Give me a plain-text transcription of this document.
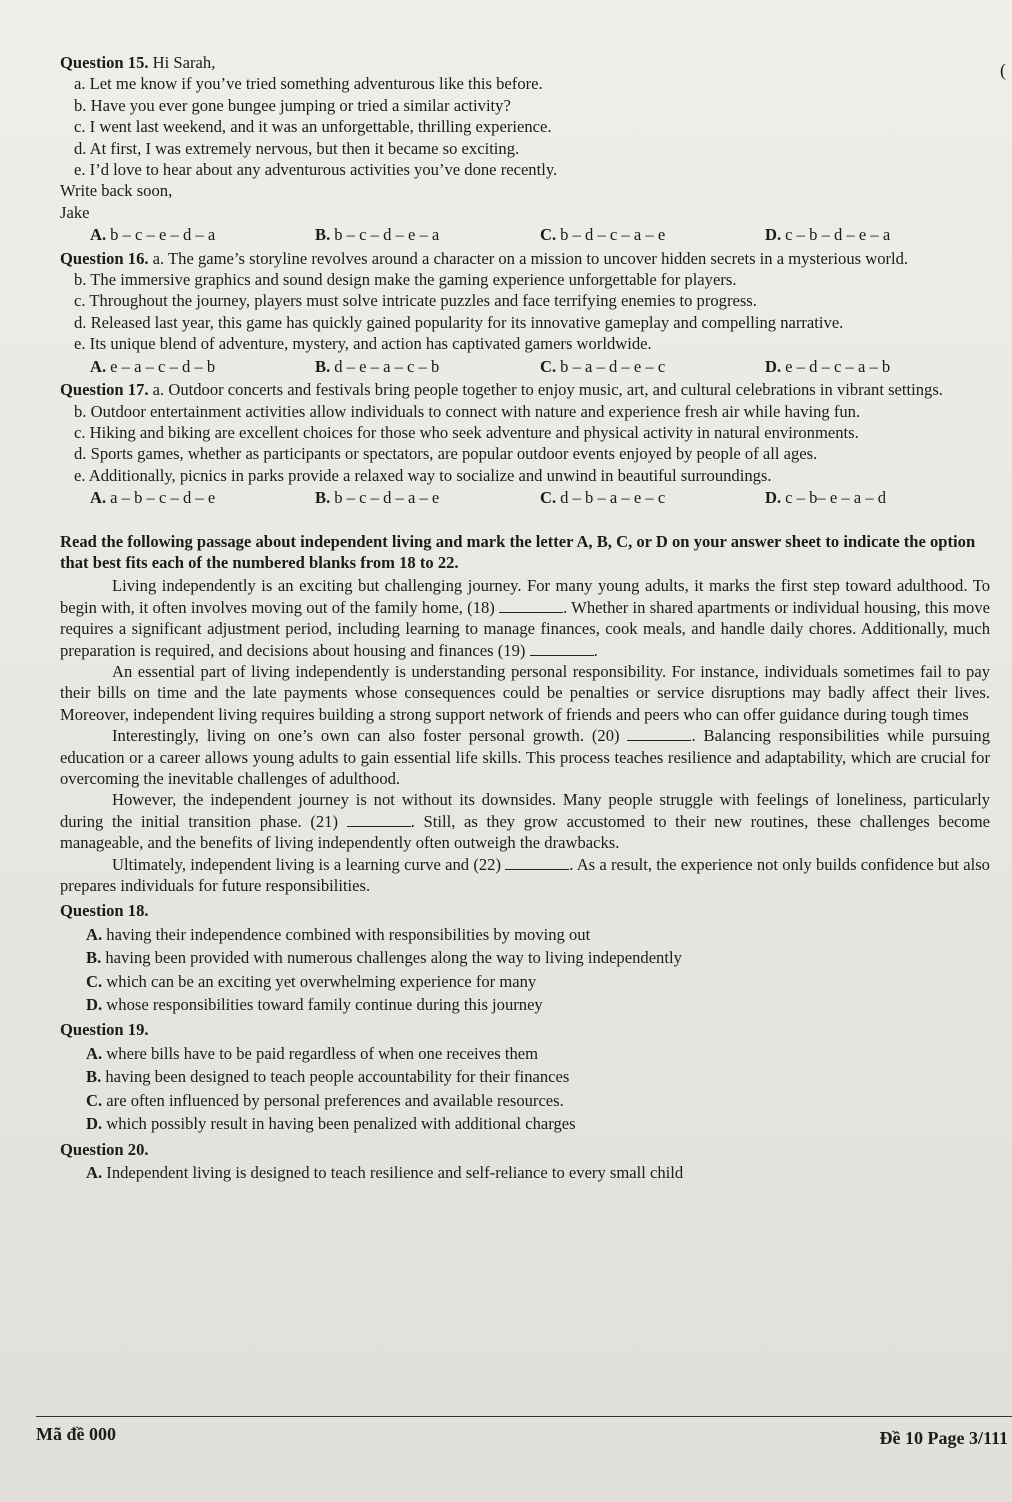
(

Question 15. Hi Sarah,

a. Let me know if you’ve tried something adventurous like this before.

b. Have you ever gone bungee jumping or tried a similar activity?

c. I went last weekend, and it was an unforgettable, thrilling experience.

d. At first, I was extremely nervous, but then it became so exciting.

e. I’d love to hear about any adventurous activities you’ve done recently.

Write back soon,

Jake

A. b – c – e – d – a	B. b – c – d – e – a	C. b – d – c – a – e	D. c – b – d – e – a

Question 16. a. The game’s storyline revolves around a character on a mission to uncover hidden secrets in a mysterious world.

b. The immersive graphics and sound design make the gaming experience unforgettable for players.

c. Throughout the journey, players must solve intricate puzzles and face terrifying enemies to progress.

d. Released last year, this game has quickly gained popularity for its innovative gameplay and compelling narrative.

e. Its unique blend of adventure, mystery, and action has captivated gamers worldwide.

A. e – a – c – d – b	B. d – e – a – c – b	C. b – a – d – e – c	D. e – d – c – a – b

Question 17. a. Outdoor concerts and festivals bring people together to enjoy music, art, and cultural celebrations in vibrant settings.

b. Outdoor entertainment activities allow individuals to connect with nature and experience fresh air while having fun.

c. Hiking and biking are excellent choices for those who seek adventure and physical activity in natural environments.

d. Sports games, whether as participants or spectators, are popular outdoor events enjoyed by people of all ages.

e. Additionally, picnics in parks provide a relaxed way to socialize and unwind in beautiful surroundings.

A. a – b – c – d – e	B. b – c – d – a – e	C. d – b – a – e – c	D. c – b– e – a – d

Read the following passage about independent living and mark the letter A, B, C, or D on your answer sheet to indicate the option that best fits each of the numbered blanks from 18 to 22.

Living independently is an exciting but challenging journey. For many young adults, it marks the first step toward adulthood. To begin with, it often involves moving out of the family home, (18)	. Whether in shared apartments or individual housing, this move requires a significant adjustment period, including learning to manage finances, cook meals, and handle daily chores. Additionally, much preparation is required, and decisions about housing and finances (19)	.

An essential part of living independently is understanding personal responsibility. For instance, individuals sometimes fail to pay their bills on time and the late payments whose consequences could be penalties or service disruptions may badly affect their lives. Moreover, independent living requires building a strong support network of friends and peers who can offer guidance during tough times

Interestingly, living on one’s own can also foster personal growth. (20)	. Balancing responsibilities while pursuing education or a career allows young adults to gain essential life skills. This process teaches resilience and adaptability, which are crucial for overcoming the inevitable challenges of adulthood.

However, the independent journey is not without its downsides. Many people struggle with feelings of loneliness, particularly during the initial transition phase. (21)	. Still, as they grow accustomed to their new routines, these challenges become manageable, and the benefits of living independently often outweigh the drawbacks.

Ultimately, independent living is a learning curve and (22)	. As a result, the experience not only builds confidence but also prepares individuals for future responsibilities.

Question 18.

A. having their independence combined with responsibilities by moving out

B. having been provided with numerous challenges along the way to living independently

C. which can be an exciting yet overwhelming experience for many

D. whose responsibilities toward family continue during this journey

Question 19.

A. where bills have to be paid regardless of when one receives them

B. having been designed to teach people accountability for their finances

C. are often influenced by personal preferences and available resources.

D. which possibly result in having been penalized with additional charges

Question 20.

A. Independent living is designed to teach resilience and self-reliance to every small child

Mã đề 000	Đề 10 Page 3/111
